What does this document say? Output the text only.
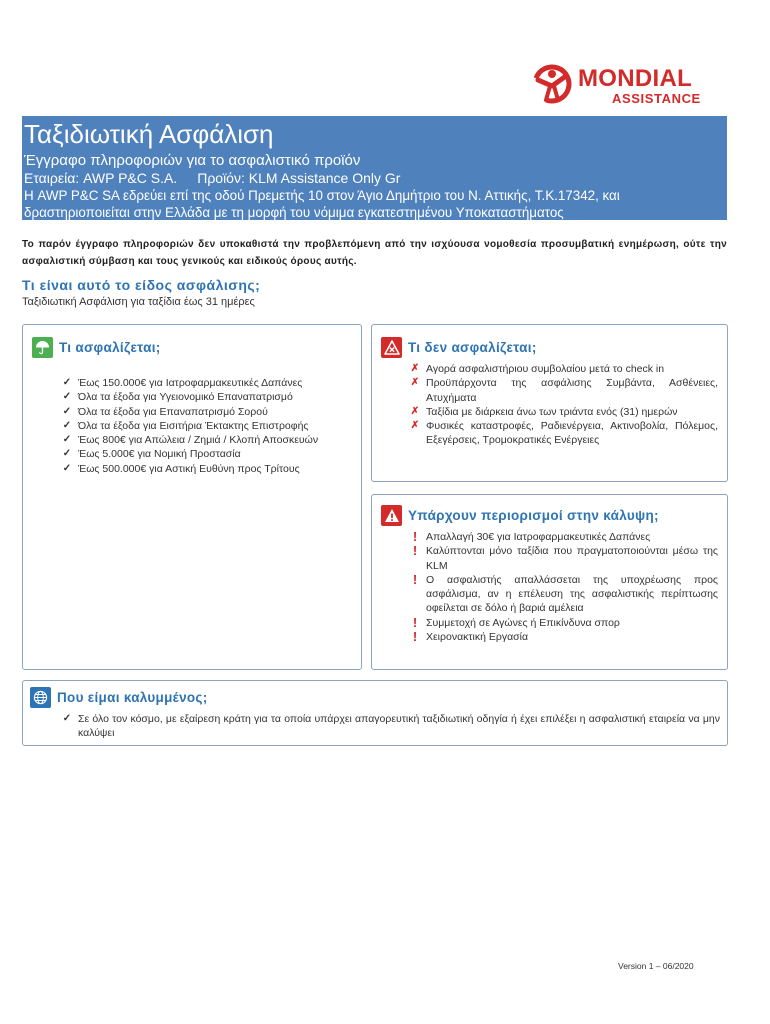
MONDIAL
ASSISTANCE
Ταξιδιωτική Ασφάλιση
Έγγραφο πληροφοριών για το ασφαλιστικό προϊόν
Εταιρεία: AWP P&C S.A. Προϊόν: KLM Assistance Only Gr
Η AWP P&C SA εδρεύει επί της οδού Πρεμετής 10 στον Άγιο Δημήτριο του Ν. Αττικής, Τ.Κ.17342, και δραστηριοποιείται στην Ελλάδα με τη μορφή του νόμιμα εγκατεστημένου Υποκαταστήματος
Το παρόν έγγραφο πληροφοριών δεν υποκαθιστά την προβλεπόμενη από την ισχύουσα νομοθεσία προσυμβατική ενημέρωση, ούτε την ασφαλιστική σύμβαση και τους γενικούς και ειδικούς όρους αυτής.
Τι είναι αυτό το είδος ασφάλισης;
Ταξιδιωτική Ασφάλιση για ταξίδια έως 31 ημέρες
Τι ασφαλίζεται;
✓ Έως 150.000€ για Ιατροφαρμακευτικές Δαπάνες
✓ Όλα τα έξοδα για Υγειονομικό Επαναπατρισμό
✓ Όλα τα έξοδα για Επαναπατρισμό Σορού
✓ Όλα τα έξοδα για Εισιτήρια Έκτακτης Επιστροφής
✓ Έως 800€ για Απώλεια / Ζημιά / Κλοπή Αποσκευών
✓ Έως 5.000€ για Νομική Προστασία
✓ Έως 500.000€ για Αστική Ευθύνη προς Τρίτους
Τι δεν ασφαλίζεται;
✗ Αγορά ασφαλιστήριου συμβολαίου μετά το check in
✗ Προϋπάρχοντα της ασφάλισης Συμβάντα, Ασθένειες, Ατυχήματα
✗ Ταξίδια με διάρκεια άνω των τριάντα ενός (31) ημερών
✗ Φυσικές καταστροφές, Ραδιενέργεια, Ακτινοβολία, Πόλεμος, Εξεγέρσεις, Τρομοκρατικές Ενέργειες
Υπάρχουν περιορισμοί στην κάλυψη;
! Απαλλαγή 30€ για Ιατροφαρμακευτικές Δαπάνες
! Καλύπτονται μόνο ταξίδια που πραγματοποιούνται μέσω της KLM
! Ο ασφαλιστής απαλλάσσεται της υποχρέωσης προς ασφάλισμα, αν η επέλευση της ασφαλιστικής περίπτωσης οφείλεται σε δόλο ή βαριά αμέλεια
! Συμμετοχή σε Αγώνες ή Επικίνδυνα σπορ
! Χειρονακτική Εργασία
Που είμαι καλυμμένος;
✓ Σε όλο τον κόσμο, με εξαίρεση κράτη για τα οποία υπάρχει απαγορευτική ταξιδιωτική οδηγία ή έχει επιλέξει η ασφαλιστική εταιρεία να μην καλύψει
Version 1 – 06/2020
